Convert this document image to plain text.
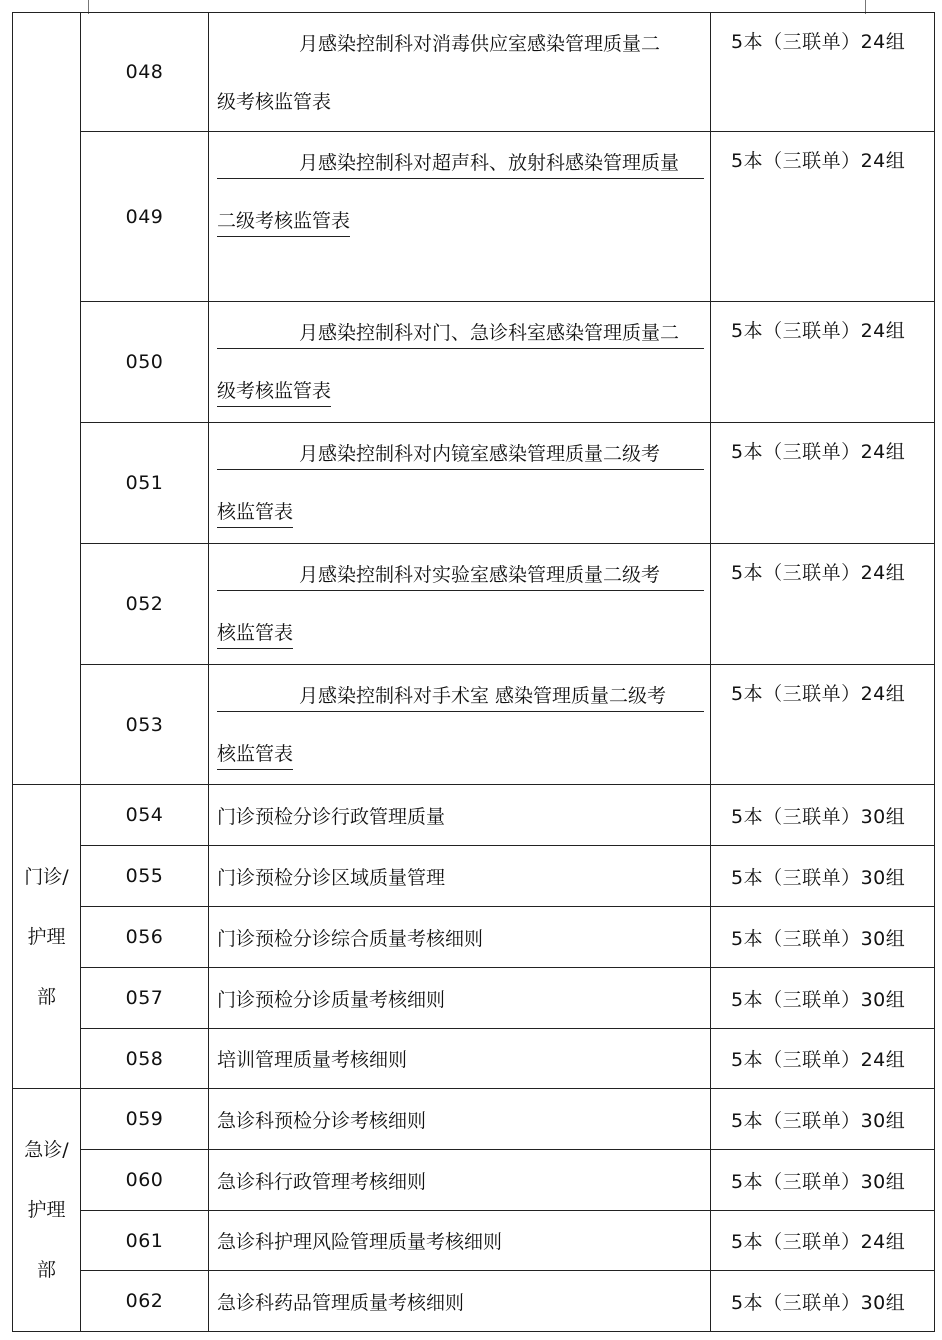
	048	月感染控制科对消毒供应室感染管理质量二
级考核监管表	5本（三联单）24组
	049	月感染控制科对超声科、放射科感染管理质量
二级考核监管表	5本（三联单）24组
	050	月感染控制科对门、急诊科室感染管理质量二
级考核监管表	5本（三联单）24组
	051	月感染控制科对内镜室感染管理质量二级考
核监管表	5本（三联单）24组
	052	月感染控制科对实验室感染管理质量二级考
核监管表	5本（三联单）24组
	053	月感染控制科对手术室 感染管理质量二级考
核监管表	5本（三联单）24组

门诊/
护理
部	054	门诊预检分诊行政管理质量	5本（三联单）30组
	055	门诊预检分诊区域质量管理	5本（三联单）30组
	056	门诊预检分诊综合质量考核细则	5本（三联单）30组
	057	门诊预检分诊质量考核细则	5本（三联单）30组
	058	培训管理质量考核细则	5本（三联单）24组

急诊/
护理
部	059	急诊科预检分诊考核细则	5本（三联单）30组
	060	急诊科行政管理考核细则	5本（三联单）30组
	061	急诊科护理风险管理质量考核细则	5本（三联单）24组
	062	急诊科药品管理质量考核细则	5本（三联单）30组
